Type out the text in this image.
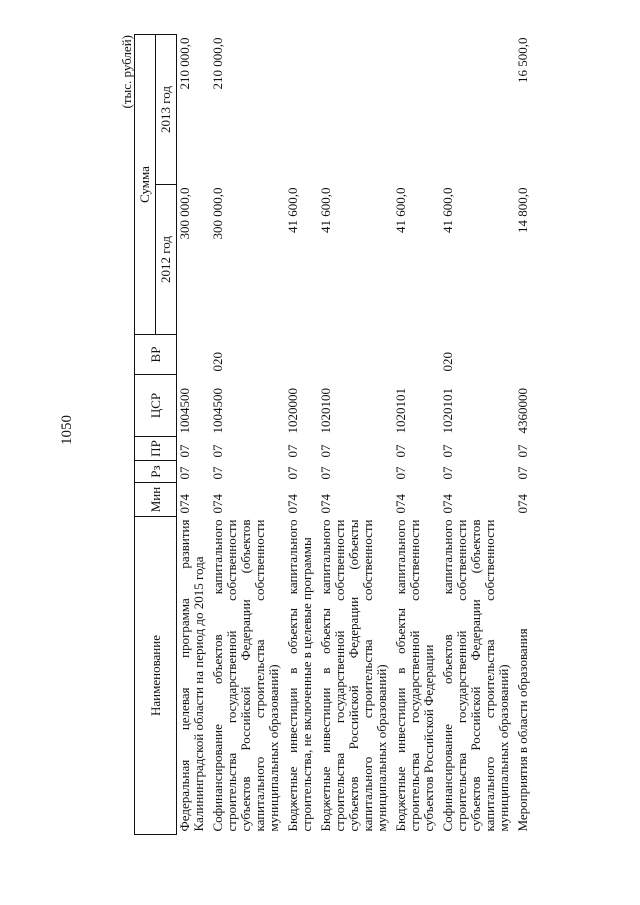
1050
(тыс. рублей)
Наименование	Мин	Рз	ПР	ЦСР	ВР	Сумма	
						2012 год	2013 год
Федеральная целевая программа развития Калининградской области на период до 2015 года	074	07	07	1004500		300 000,0	210 000,0
Софинансирование объектов капитального строительства государственной собственности субъектов Российской Федерации (объектов капитального строительства собственности муниципальных образований)	074	07	07	1004500	020	300 000,0	210 000,0
Бюджетные инвестиции в объекты капитального строительства, не включенные в целевые программы	074	07	07	1020000		41 600,0	
Бюджетные инвестиции в объекты капитального строительства государственной собственности субъектов Российской Федерации (объекты капитального строительства собственности муниципальных образований)	074	07	07	1020100		41 600,0	
Бюджетные инвестиции в объекты капитального строительства государственной собственности субъектов Российской Федерации	074	07	07	1020101		41 600,0	
Софинансирование объектов капитального строительства государственной собственности субъектов Российской Федерации (объектов капитального строительства собственности муниципальных образований)	074	07	07	1020101	020	41 600,0	
Мероприятия в области образования	074	07	07	4360000		14 800,0	16 500,0
